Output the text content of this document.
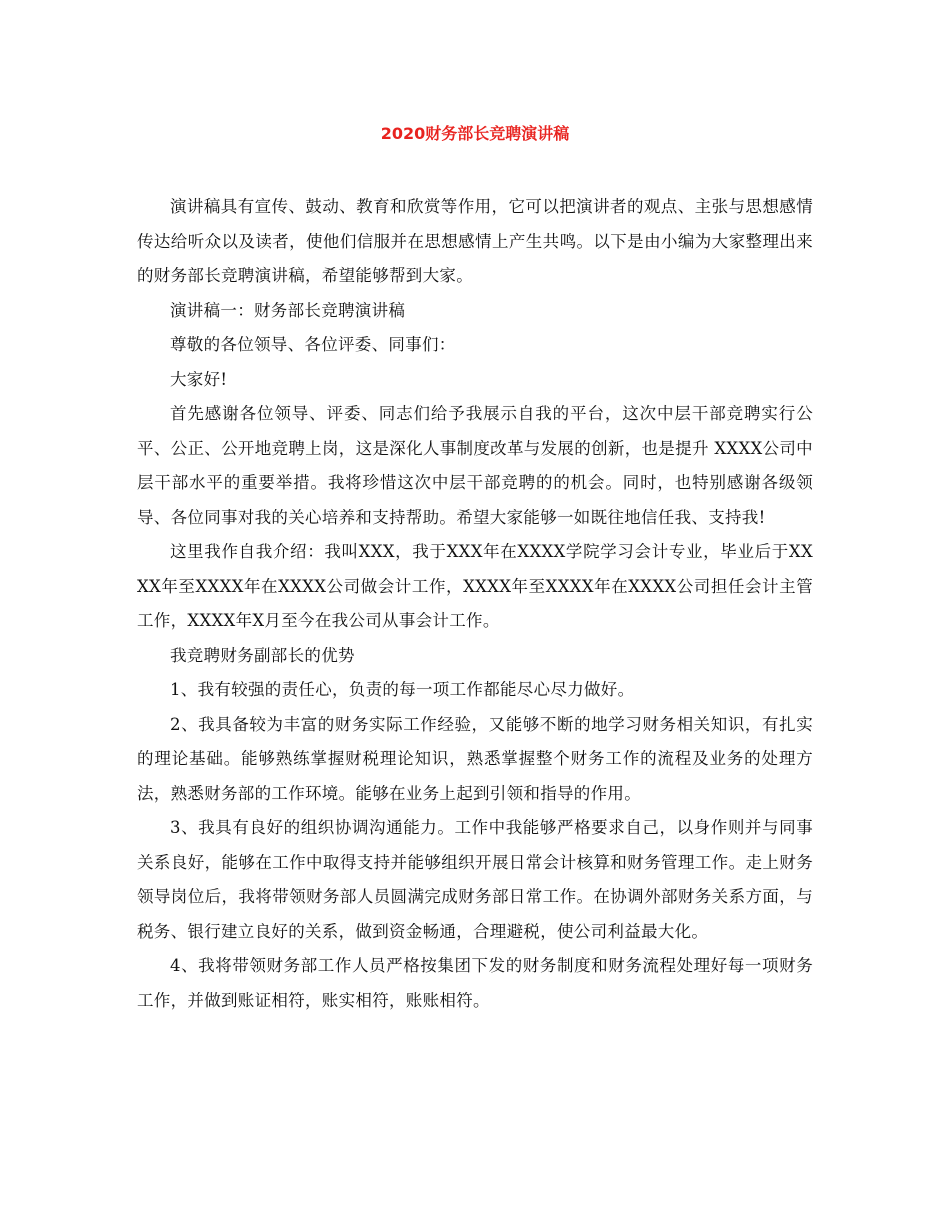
2020财务部长竞聘演讲稿

演讲稿具有宣传、鼓动、教育和欣赏等作用，它可以把演讲者的观点、主张与思想感情传达给听众以及读者，使他们信服并在思想感情上产生共鸣。以下是由小编为大家整理出来的财务部长竞聘演讲稿，希望能够帮到大家。

演讲稿一：财务部长竞聘演讲稿

尊敬的各位领导、各位评委、同事们：

大家好!

首先感谢各位领导、评委、同志们给予我展示自我的平台，这次中层干部竞聘实行公平、公正、公开地竞聘上岗，这是深化人事制度改革与发展的创新，也是提升 XXXX公司中层干部水平的重要举措。我将珍惜这次中层干部竞聘的的机会。同时，也特别感谢各级领导、各位同事对我的关心培养和支持帮助。希望大家能够一如既往地信任我、支持我!

这里我作自我介绍：我叫XXX，我于XXX年在XXXX学院学习会计专业，毕业后于XXXX年至XXXX年在XXXX公司做会计工作，XXXX年至XXXX年在XXXX公司担任会计主管工作，XXXX年X月至今在我公司从事会计工作。

我竞聘财务副部长的优势

1、我有较强的责任心，负责的每一项工作都能尽心尽力做好。

2、我具备较为丰富的财务实际工作经验，又能够不断的地学习财务相关知识，有扎实的理论基础。能够熟练掌握财税理论知识，熟悉掌握整个财务工作的流程及业务的处理方法，熟悉财务部的工作环境。能够在业务上起到引领和指导的作用。

3、我具有良好的组织协调沟通能力。工作中我能够严格要求自己，以身作则并与同事关系良好，能够在工作中取得支持并能够组织开展日常会计核算和财务管理工作。走上财务领导岗位后，我将带领财务部人员圆满完成财务部日常工作。在协调外部财务关系方面，与税务、银行建立良好的关系，做到资金畅通，合理避税，使公司利益最大化。

4、我将带领财务部工作人员严格按集团下发的财务制度和财务流程处理好每一项财务工作，并做到账证相符，账实相符，账账相符。
